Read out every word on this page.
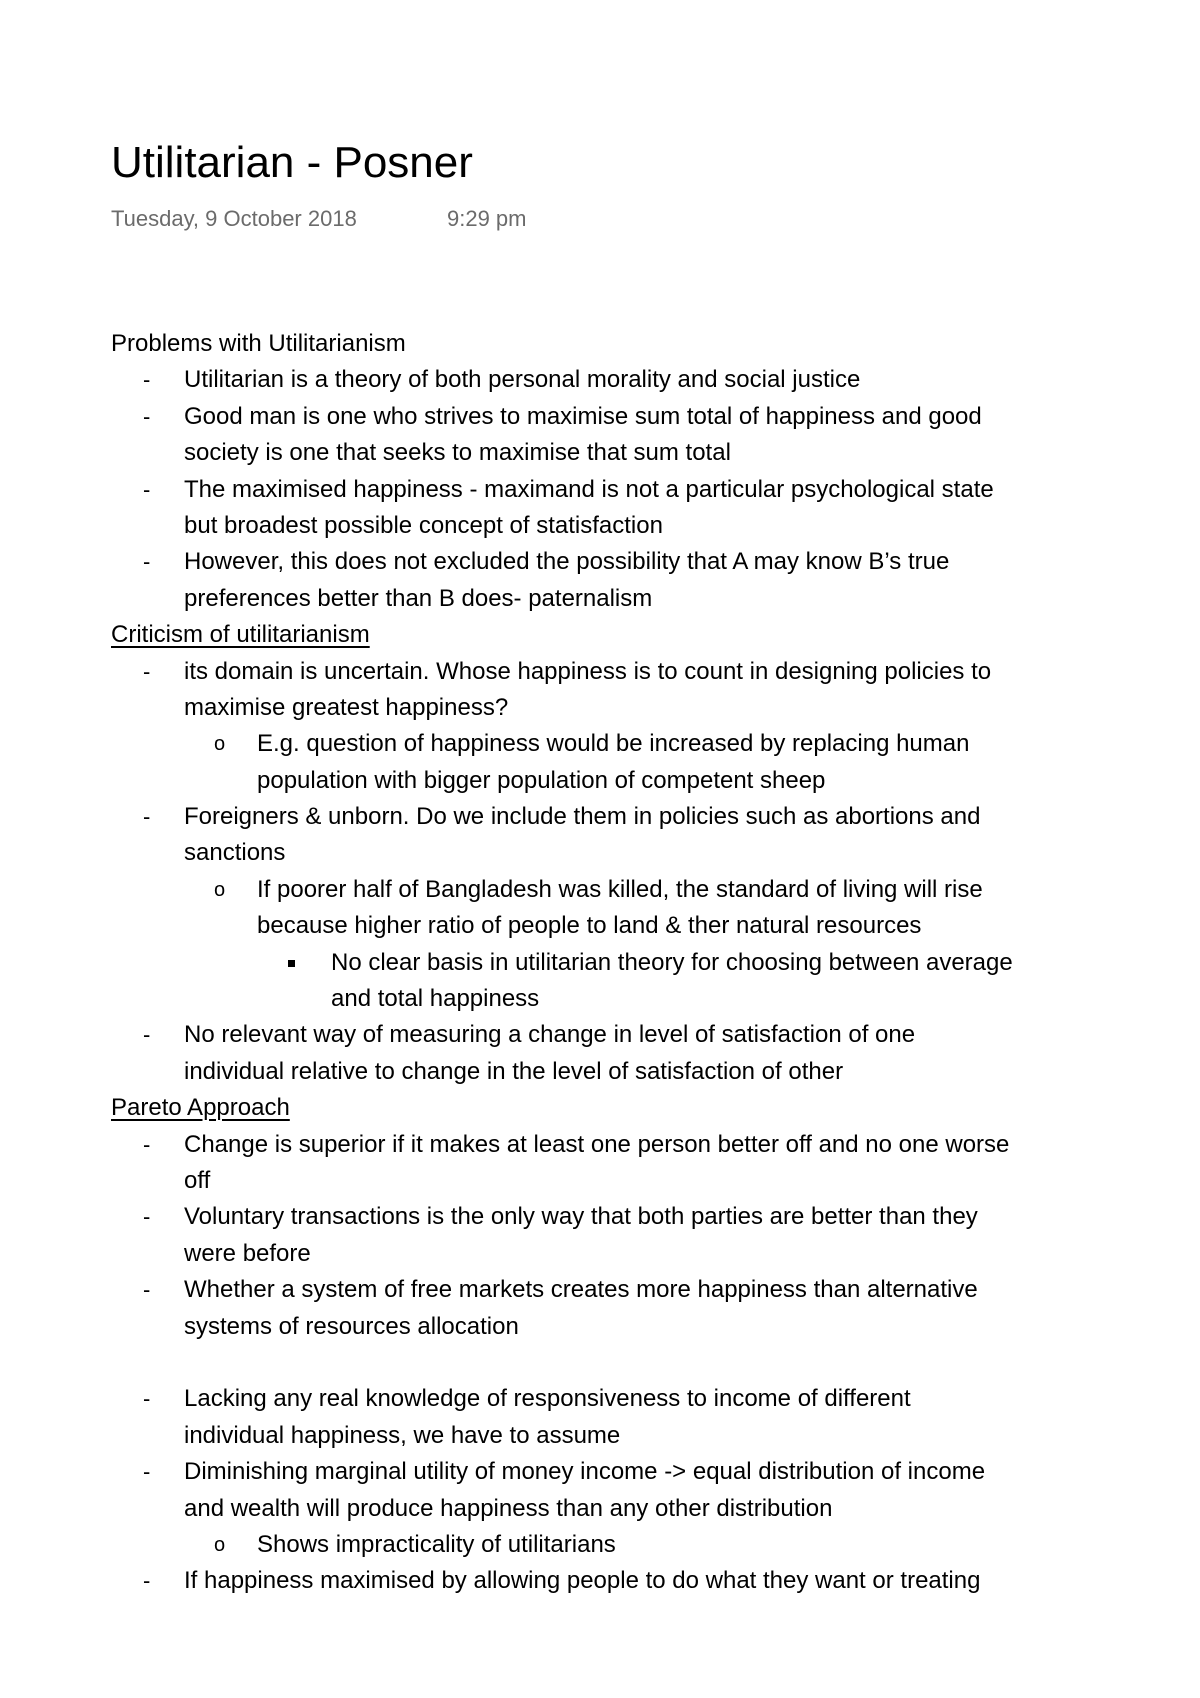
Utilitarian - Posner
Tuesday, 9 October 2018	9:29 pm
Problems with Utilitarianism
- Utilitarian is a theory of both personal morality and social justice
- Good man is one who strives to maximise sum total of happiness and good
society is one that seeks to maximise that sum total
- The maximised happiness - maximand is not a particular psychological state
but broadest possible concept of statisfaction
- However, this does not excluded the possibility that A may know B’s true
preferences better than B does- paternalism
Criticism of utilitarianism
- its domain is uncertain. Whose happiness is to count in designing policies to
maximise greatest happiness?
o E.g. question of happiness would be increased by replacing human
population with bigger population of competent sheep
- Foreigners & unborn. Do we include them in policies such as abortions and
sanctions
o If poorer half of Bangladesh was killed, the standard of living will rise
because higher ratio of people to land & ther natural resources
No clear basis in utilitarian theory for choosing between average
and total happiness
- No relevant way of measuring a change in level of satisfaction of one
individual relative to change in the level of satisfaction of other
Pareto Approach
- Change is superior if it makes at least one person better off and no one worse
off
- Voluntary transactions is the only way that both parties are better than they
were before
- Whether a system of free markets creates more happiness than alternative
systems of resources allocation
- Lacking any real knowledge of responsiveness to income of different
individual happiness, we have to assume
- Diminishing marginal utility of money income -> equal distribution of income
and wealth will produce happiness than any other distribution
o Shows impracticality of utilitarians
- If happiness maximised by allowing people to do what they want or treating
